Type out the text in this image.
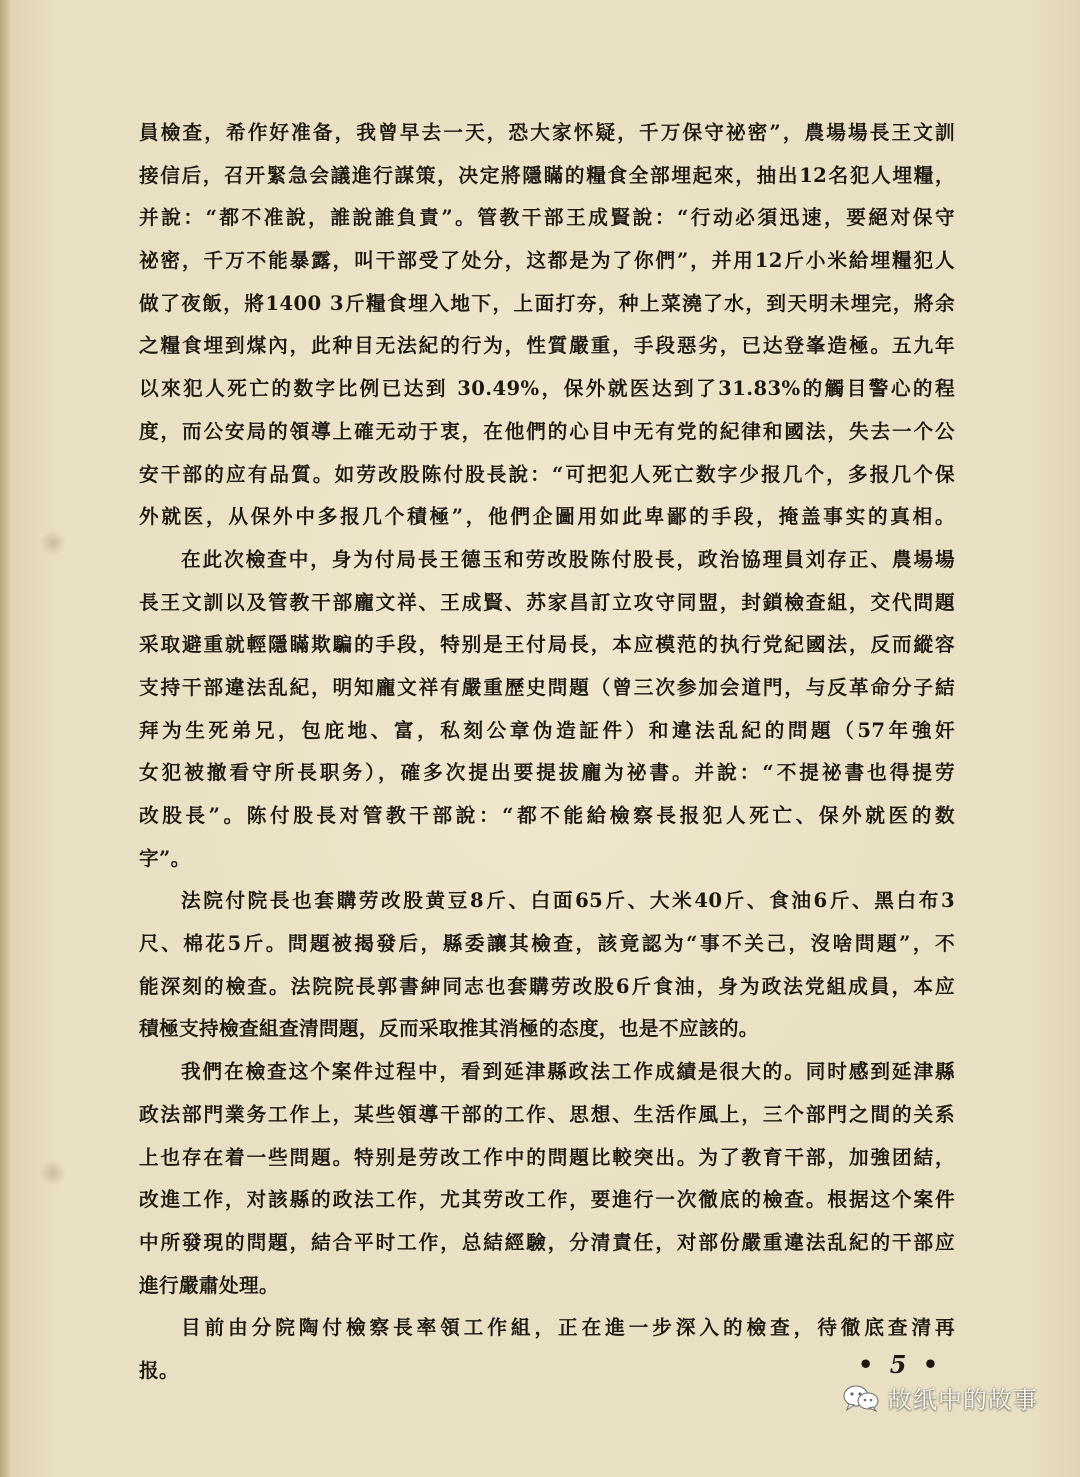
員檢查，希作好准备，我曾早去一天，恐大家怀疑，千万保守祕密”，農場場長王文訓
接信后，召开緊急会議進行謀策，决定將隱瞞的糧食全部埋起來，抽出12名犯人埋糧，
并說：“都不准說，誰說誰負責”。管教干部王成賢說：“行动必須迅速，要絕对保守
祕密，千万不能暴露，叫干部受了处分，这都是为了你們”，并用12斤小米給埋糧犯人
做了夜飯，將1400 3斤糧食埋入地下，上面打夯，种上菜澆了水，到天明未埋完，將余
之糧食埋到煤內，此种目无法紀的行为，性質嚴重，手段惡劣，已达登峯造極。五九年
以來犯人死亡的数字比例已达到 30.49%，保外就医达到了31.83%的觸目警心的程
度，而公安局的領導上確无动于衷，在他們的心目中无有党的紀律和國法，失去一个公
安干部的应有品質。如劳改股陈付股長說：“可把犯人死亡数字少报几个，多报几个保
外就医，从保外中多报几个積極”，他們企圖用如此卑鄙的手段，掩盖事实的真相。
在此次檢查中，身为付局長王德玉和劳改股陈付股長，政治協理員刘存正、農場場
長王文訓以及管教干部龐文祥、王成賢、苏家昌訂立攻守同盟，封鎖檢查組，交代問題
采取避重就輕隱瞞欺騙的手段，特别是王付局長，本应模范的执行党紀國法，反而縱容
支持干部違法乱紀，明知龐文祥有嚴重歷史問題（曾三次参加会道門，与反革命分子結
拜为生死弟兄，包庇地、富，私刻公章伪造証件）和違法乱紀的問題（57年強奸
女犯被撤看守所長职务），確多次提出要提拔龐为祕書。并說：“不提祕書也得提劳
改股長”。陈付股長对管教干部說：“都不能給檢察長报犯人死亡、保外就医的数
字”。
法院付院長也套購劳改股黄豆8斤、白面65斤、大米40斤、食油6斤、黑白布3
尺、棉花5斤。問題被揭發后，縣委讓其檢查，該竟認为“事不关己，沒啥問題”，不
能深刻的檢查。法院院長郭書紳同志也套購劳改股6斤食油，身为政法党組成員，本应
積極支持檢查組查清問題，反而采取推其消極的态度，也是不应該的。
我們在檢查这个案件过程中，看到延津縣政法工作成績是很大的。同时感到延津縣
政法部門業务工作上，某些領導干部的工作、思想、生活作風上，三个部門之間的关系
上也存在着一些問題。特别是劳改工作中的問題比較突出。为了教育干部，加強团結，
改進工作，对該縣的政法工作，尤其劳改工作，要進行一次徹底的檢查。根据这个案件
中所發現的問題，結合平时工作，总結經驗，分清責任，对部份嚴重違法乱紀的干部应
進行嚴肅处理。
目前由分院陶付檢察長率領工作組，正在進一步深入的檢查，待徹底查清再
报。	• 5 •
故纸中的故事
